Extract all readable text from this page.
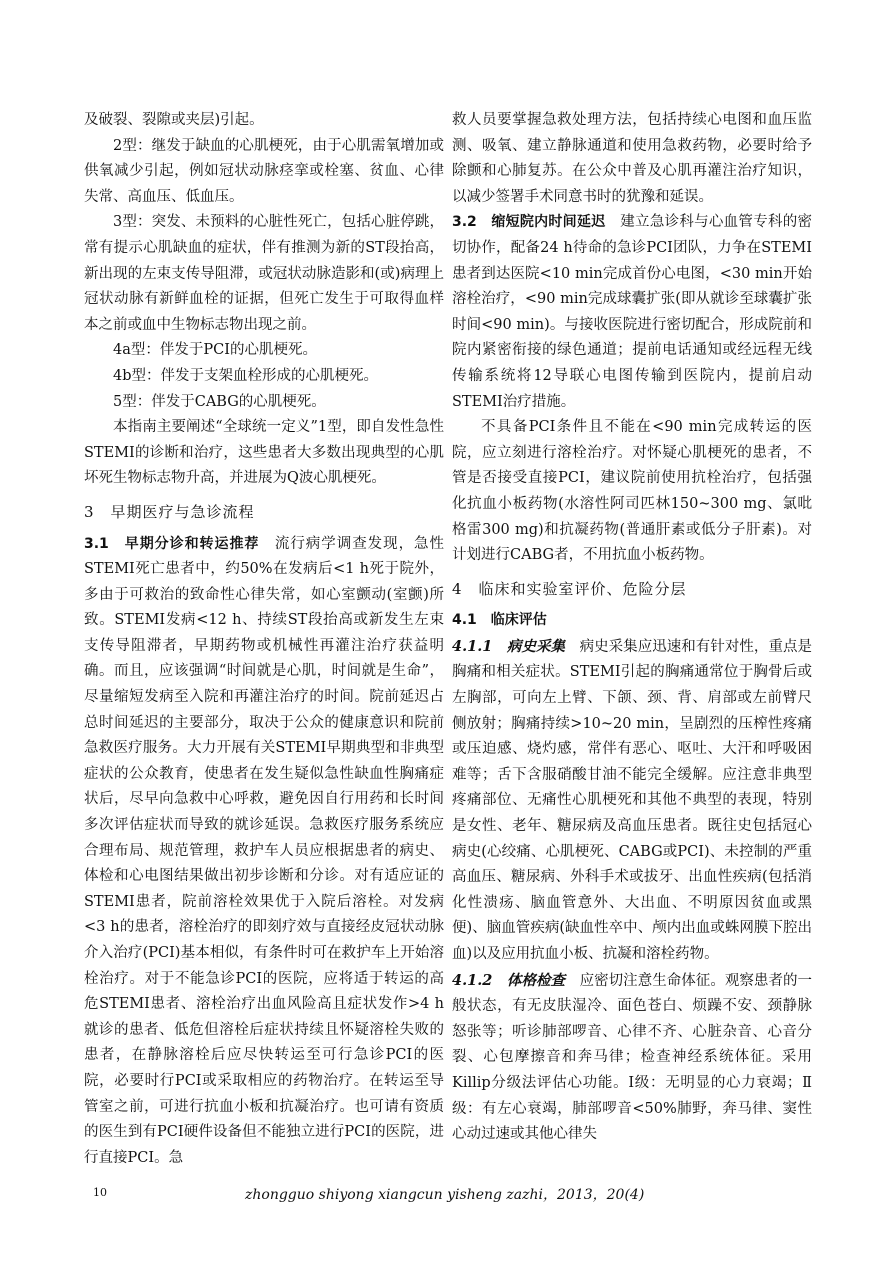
及破裂、裂隙或夹层)引起。

2型：继发于缺血的心肌梗死，由于心肌需氧增加或供氧减少引起，例如冠状动脉痉挛或栓塞、贫血、心律失常、高血压、低血压。

3型：突发、未预料的心脏性死亡，包括心脏停跳，常有提示心肌缺血的症状，伴有推测为新的ST段抬高，新出现的左束支传导阻滞，或冠状动脉造影和(或)病理上冠状动脉有新鲜血栓的证据，但死亡发生于可取得血样本之前或血中生物标志物出现之前。

4a型：伴发于PCI的心肌梗死。

4b型：伴发于支架血栓形成的心肌梗死。

5型：伴发于CABG的心肌梗死。

本指南主要阐述“全球统一定义”1型，即自发性急性STEMI的诊断和治疗，这些患者大多数出现典型的心肌坏死生物标志物升高，并进展为Q波心肌梗死。

3　早期医疗与急诊流程

3.1　早期分诊和转运推荐　 流行病学调查发现，急性STEMI死亡患者中，约50%在发病后<1 h死于院外，多由于可救治的致命性心律失常，如心室颤动(室颤)所致。STEMI发病<12 h、持续ST段抬高或新发生左束支传导阻滞者，早期药物或机械性再灌注治疗获益明确。而且，应该强调“时间就是心肌，时间就是生命”，尽量缩短发病至入院和再灌注治疗的时间。院前延迟占总时间延迟的主要部分，取决于公众的健康意识和院前急救医疗服务。大力开展有关STEMI早期典型和非典型症状的公众教育，使患者在发生疑似急性缺血性胸痛症状后，尽早向急救中心呼救，避免因自行用药和长时间多次评估症状而导致的就诊延误。急救医疗服务系统应合理布局、规范管理，救护车人员应根据患者的病史、体检和心电图结果做出初步诊断和分诊。对有适应证的STEMI患者，院前溶栓效果优于入院后溶栓。对发病<3 h的患者，溶栓治疗的即刻疗效与直接经皮冠状动脉介入治疗(PCI)基本相似，有条件时可在救护车上开始溶栓治疗。对于不能急诊PCI的医院，应将适于转运的高危STEMI患者、溶栓治疗出血风险高且症状发作>4 h就诊的患者、低危但溶栓后症状持续且怀疑溶栓失败的患者，在静脉溶栓后应尽快转运至可行急诊PCI的医院，必要时行PCI或采取相应的药物治疗。在转运至导管室之前，可进行抗血小板和抗凝治疗。也可请有资质的医生到有PCI硬件设备但不能独立进行PCI的医院，进行直接PCI。急

救人员要掌握急救处理方法，包括持续心电图和血压监测、吸氧、建立静脉通道和使用急救药物，必要时给予除颤和心肺复苏。在公众中普及心肌再灌注治疗知识，以减少签署手术同意书时的犹豫和延误。

3.2　缩短院内时间延迟　 建立急诊科与心血管专科的密切协作，配备24 h待命的急诊PCI团队，力争在STEMI患者到达医院<10 min完成首份心电图，<30 min开始溶栓治疗，<90 min完成球囊扩张(即从就诊至球囊扩张时间<90 min)。与接收医院进行密切配合，形成院前和院内紧密衔接的绿色通道；提前电话通知或经远程无线传输系统将12导联心电图传输到医院内，提前启动STEMI治疗措施。

不具备PCI条件且不能在<90 min完成转运的医院，应立刻进行溶栓治疗。对怀疑心肌梗死的患者，不管是否接受直接PCI，建议院前使用抗栓治疗，包括强化抗血小板药物(水溶性阿司匹林150~300 mg、氯吡格雷300 mg)和抗凝药物(普通肝素或低分子肝素)。对计划进行CABG者，不用抗血小板药物。

4　临床和实验室评价、危险分层

4.1　临床评估

4.1.1　病史采集　 病史采集应迅速和有针对性，重点是胸痛和相关症状。STEMI引起的胸痛通常位于胸骨后或左胸部，可向左上臂、下颌、颈、背、肩部或左前臂尺侧放射；胸痛持续>10~20 min，呈剧烈的压榨性疼痛或压迫感、烧灼感，常伴有恶心、呕吐、大汗和呼吸困难等；舌下含服硝酸甘油不能完全缓解。应注意非典型疼痛部位、无痛性心肌梗死和其他不典型的表现，特别是女性、老年、糖尿病及高血压患者。既往史包括冠心病史(心绞痛、心肌梗死、CABG或PCI)、未控制的严重高血压、糖尿病、外科手术或拔牙、出血性疾病(包括消化性溃疡、脑血管意外、大出血、不明原因贫血或黑便)、脑血管疾病(缺血性卒中、颅内出血或蛛网膜下腔出血)以及应用抗血小板、抗凝和溶栓药物。

4.1.2　体格检查　 应密切注意生命体征。观察患者的一般状态，有无皮肤湿冷、面色苍白、烦躁不安、颈静脉怒张等；听诊肺部啰音、心律不齐、心脏杂音、心音分裂、心包摩擦音和奔马律；检查神经系统体征。采用Killip分级法评估心功能。Ⅰ级：无明显的心力衰竭；Ⅱ级：有左心衰竭，肺部啰音<50%肺野，奔马律、窦性心动过速或其他心律失

10	zhongguo shiyong xiangcun yisheng zazhi，2013，20(4)
